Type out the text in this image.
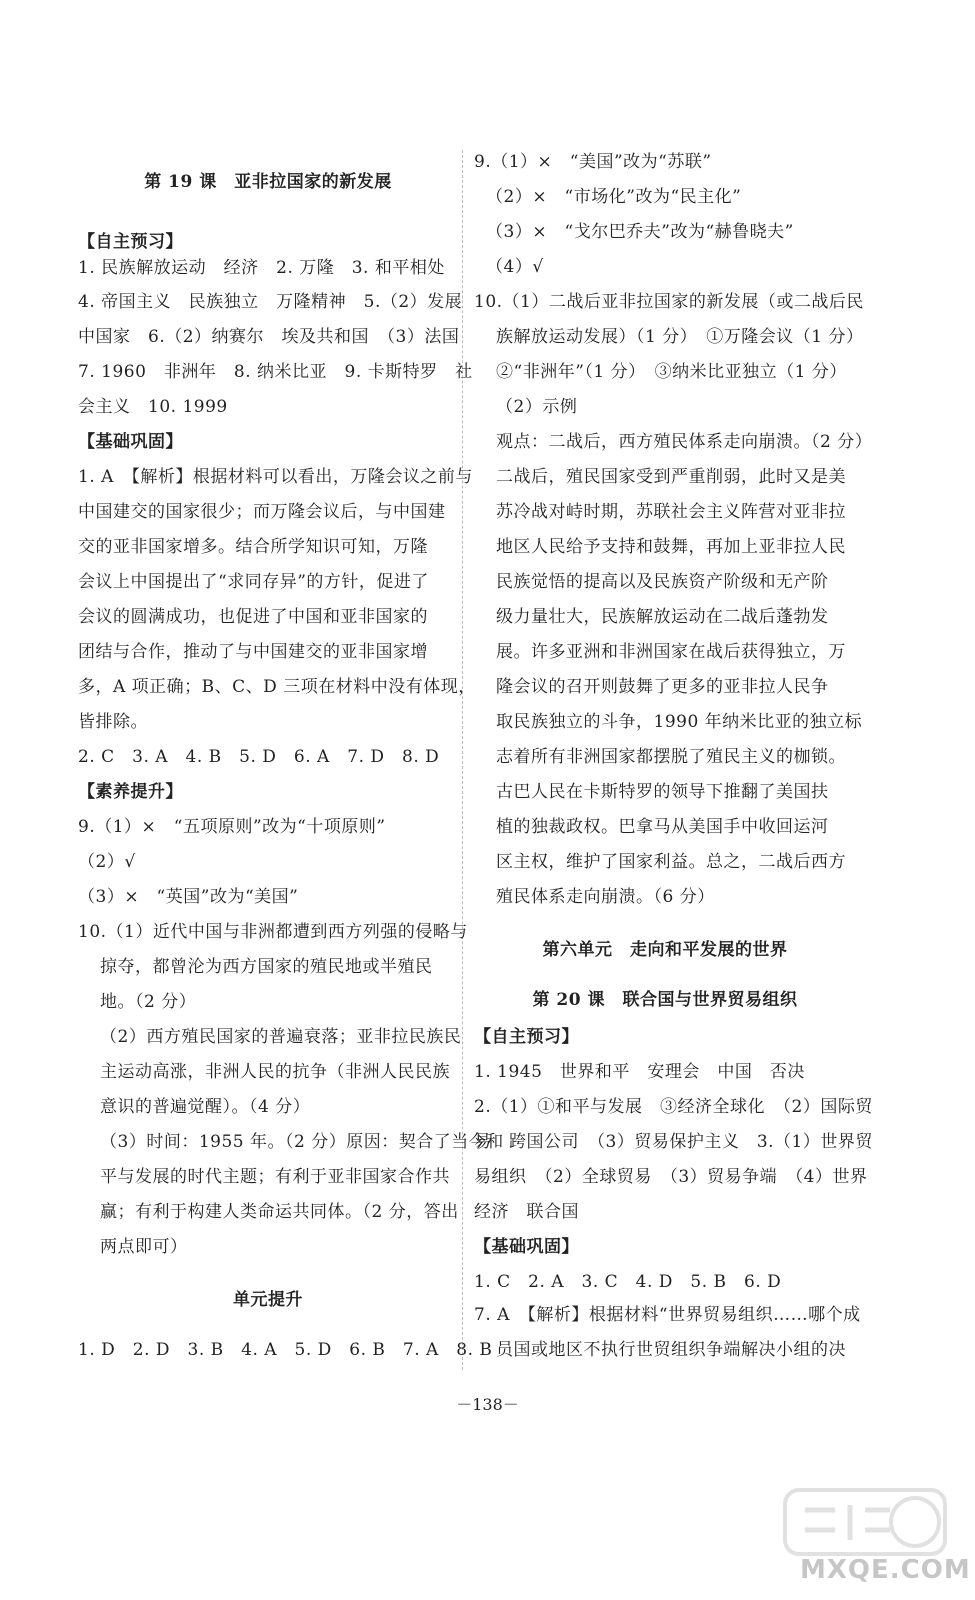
第 19 课　亚非拉国家的新发展
【自主预习】
1. 民族解放运动　经济　2. 万隆　3. 和平相处
4. 帝国主义　民族独立　万隆精神　5.（2）发展
中国家　6.（2）纳赛尔　埃及共和国　（3）法国
7. 1960　非洲年　8. 纳米比亚　9. 卡斯特罗　社
会主义　10. 1999
【基础巩固】
1. A　【解析】根据材料可以看出，万隆会议之前与
中国建交的国家很少；而万隆会议后，与中国建
交的亚非国家增多。结合所学知识可知，万隆
会议上中国提出了“求同存异”的方针，促进了
会议的圆满成功，也促进了中国和亚非国家的
团结与合作，推动了与中国建交的亚非国家增
多，A 项正确；B、C、D 三项在材料中没有体现，
皆排除。
2. C　3. A　4. B　5. D　6. A　7. D　8. D
【素养提升】
9.（1）×　“五项原则”改为“十项原则”
（2）√
（3）×　“英国”改为“美国”
10.（1）近代中国与非洲都遭到西方列强的侵略与
掠夺，都曾沦为西方国家的殖民地或半殖民
地。（2 分）
（2）西方殖民国家的普遍衰落；亚非拉民族民
主运动高涨，非洲人民的抗争（非洲人民民族
意识的普遍觉醒）。（4 分）
（3）时间：1955 年。（2 分）原因：契合了当今和
平与发展的时代主题；有利于亚非国家合作共
赢；有利于构建人类命运共同体。（2 分，答出
两点即可）
单元提升
1. D　2. D　3. B　4. A　5. D　6. B　7. A　8. B
9.（1）×　“美国”改为“苏联”
（2）×　“市场化”改为“民主化”
（3）×　“戈尔巴乔夫”改为“赫鲁晓夫”
（4）√
10.（1）二战后亚非拉国家的新发展（或二战后民
族解放运动发展）（1 分）　①万隆会议（1 分）
②“非洲年”（1 分）　③纳米比亚独立（1 分）
（2）示例
观点：二战后，西方殖民体系走向崩溃。（2 分）
二战后，殖民国家受到严重削弱，此时又是美
苏冷战对峙时期，苏联社会主义阵营对亚非拉
地区人民给予支持和鼓舞，再加上亚非拉人民
民族觉悟的提高以及民族资产阶级和无产阶
级力量壮大，民族解放运动在二战后蓬勃发
展。许多亚洲和非洲国家在战后获得独立，万
隆会议的召开则鼓舞了更多的亚非拉人民争
取民族独立的斗争，1990 年纳米比亚的独立标
志着所有非洲国家都摆脱了殖民主义的枷锁。
古巴人民在卡斯特罗的领导下推翻了美国扶
植的独裁政权。巴拿马从美国手中收回运河
区主权，维护了国家利益。总之，二战后西方
殖民体系走向崩溃。（6 分）
第六单元　走向和平发展的世界
第 20 课　联合国与世界贸易组织
【自主预习】
1. 1945　世界和平　安理会　中国　否决
2.（1）①和平与发展　③经济全球化　（2）国际贸
易　跨国公司　（3）贸易保护主义　3.（1）世界贸
易组织　（2）全球贸易　（3）贸易争端　（4）世界
经济　联合国
【基础巩固】
1. C　2. A　3. C　4. D　5. B　6. D
7. A　【解析】根据材料“世界贸易组织……哪个成
员国或地区不执行世贸组织争端解决小组的决
－138－
MXQE.COM
